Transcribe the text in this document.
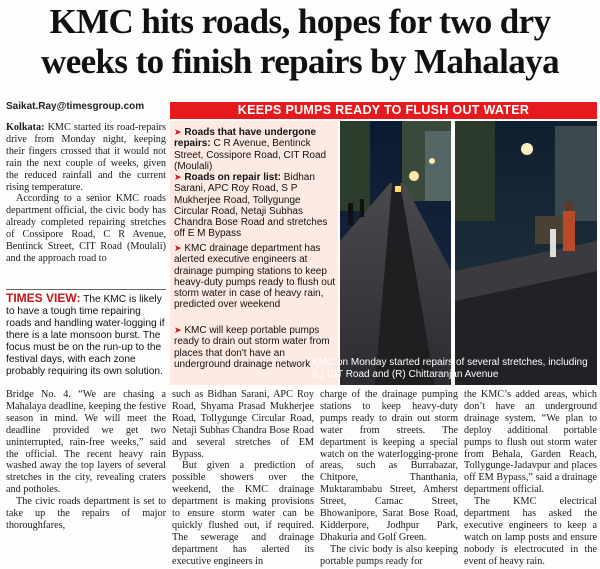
KMC hits roads, hopes for two dry
weeks to finish repairs by Mahalaya
Saikat.Ray@timesgroup.com

Kolkata: KMC started its road-repairs drive from Monday night, keeping their fingers crossed that it would not rain the next couple of weeks, given the reduced rainfall and the current rising temperature.

According to a senior KMC roads department official, the civic body has already completed repairing stretches of Cossipore Road, C R Avenue, Bentinck Street, CIT Road (Moulali) and the approach road to

TIMES VIEW: The KMC is likely to have a tough time repairing roads and handling water-logging if there is a late monsoon burst. The focus must be on the run-up to the festival days, with each zone probably requiring its own solution.
KEEPS PUMPS READY TO FLUSH OUT WATER
➤ Roads that have undergone repairs: C R Avenue, Bentinck Street, Cossipore Road, CIT Road (Moulali)
➤ Roads on repair list: Bidhan Sarani, APC Roy Road, S P Mukherjee Road, Tollygunge Circular Road, Netaji Subhas Chandra Bose Road and stretches off E M Bypass
➤ KMC drainage department has alerted executive engineers at drainage pumping stations to keep heavy-duty pumps ready to flush out storm water in case of heavy rain, predicted over weekend
➤ KMC will keep portable pumps ready to drain out storm water from places that don't have an underground drainage network KMC on Monday started repairs of several stretches, including (L) CIT Road and (R) Chittaranjan Avenue

Bridge No. 4. “We are chasing a Mahalaya deadline, keeping the festive season in mind. We will meet the deadline provided we get two uninterrupted, rain-free weeks,” said the official. The recent heavy rain washed away the top layers of several stretches in the city, revealing craters and potholes.

The civic roads department is set to take up the repairs of major thoroughfares,

such as Bidhan Sarani, APC Roy Road, Shyama Prasad Mukherjee Road, Tollygunge Circular Road, Netaji Subhas Chandra Bose Road and several stretches of EM Bypass.

But given a prediction of possible showers over the weekend, the KMC drainage department is making provisions to ensure storm water can be quickly flushed out, if required. The sewerage and drainage department has alerted its executive engineers in

charge of the drainage pumping stations to keep heavy-duty pumps ready to drain out storm water from streets. The department is keeping a special watch on the waterlogging-prone areas, such as Burrabazar, Chitpore, Thanthania, Muktarambabu Street, Amherst Street, Camac Street, Bhowanipore, Sarat Bose Road, Kidderpore, Jodhpur Park, Dhakuria and Golf Green.

The civic body is also keeping portable pumps ready for

the KMC’s added areas, which don’t have an underground drainage system. “We plan to deploy additional portable pumps to flush out storm water from Behala, Garden Reach, Tollygunge-Jadavpur and places off EM Bypass,” said a drainage department official.

The KMC electrical department has asked the executive engineers to keep a watch on lamp posts and ensure nobody is electrocuted in the event of heavy rain.
